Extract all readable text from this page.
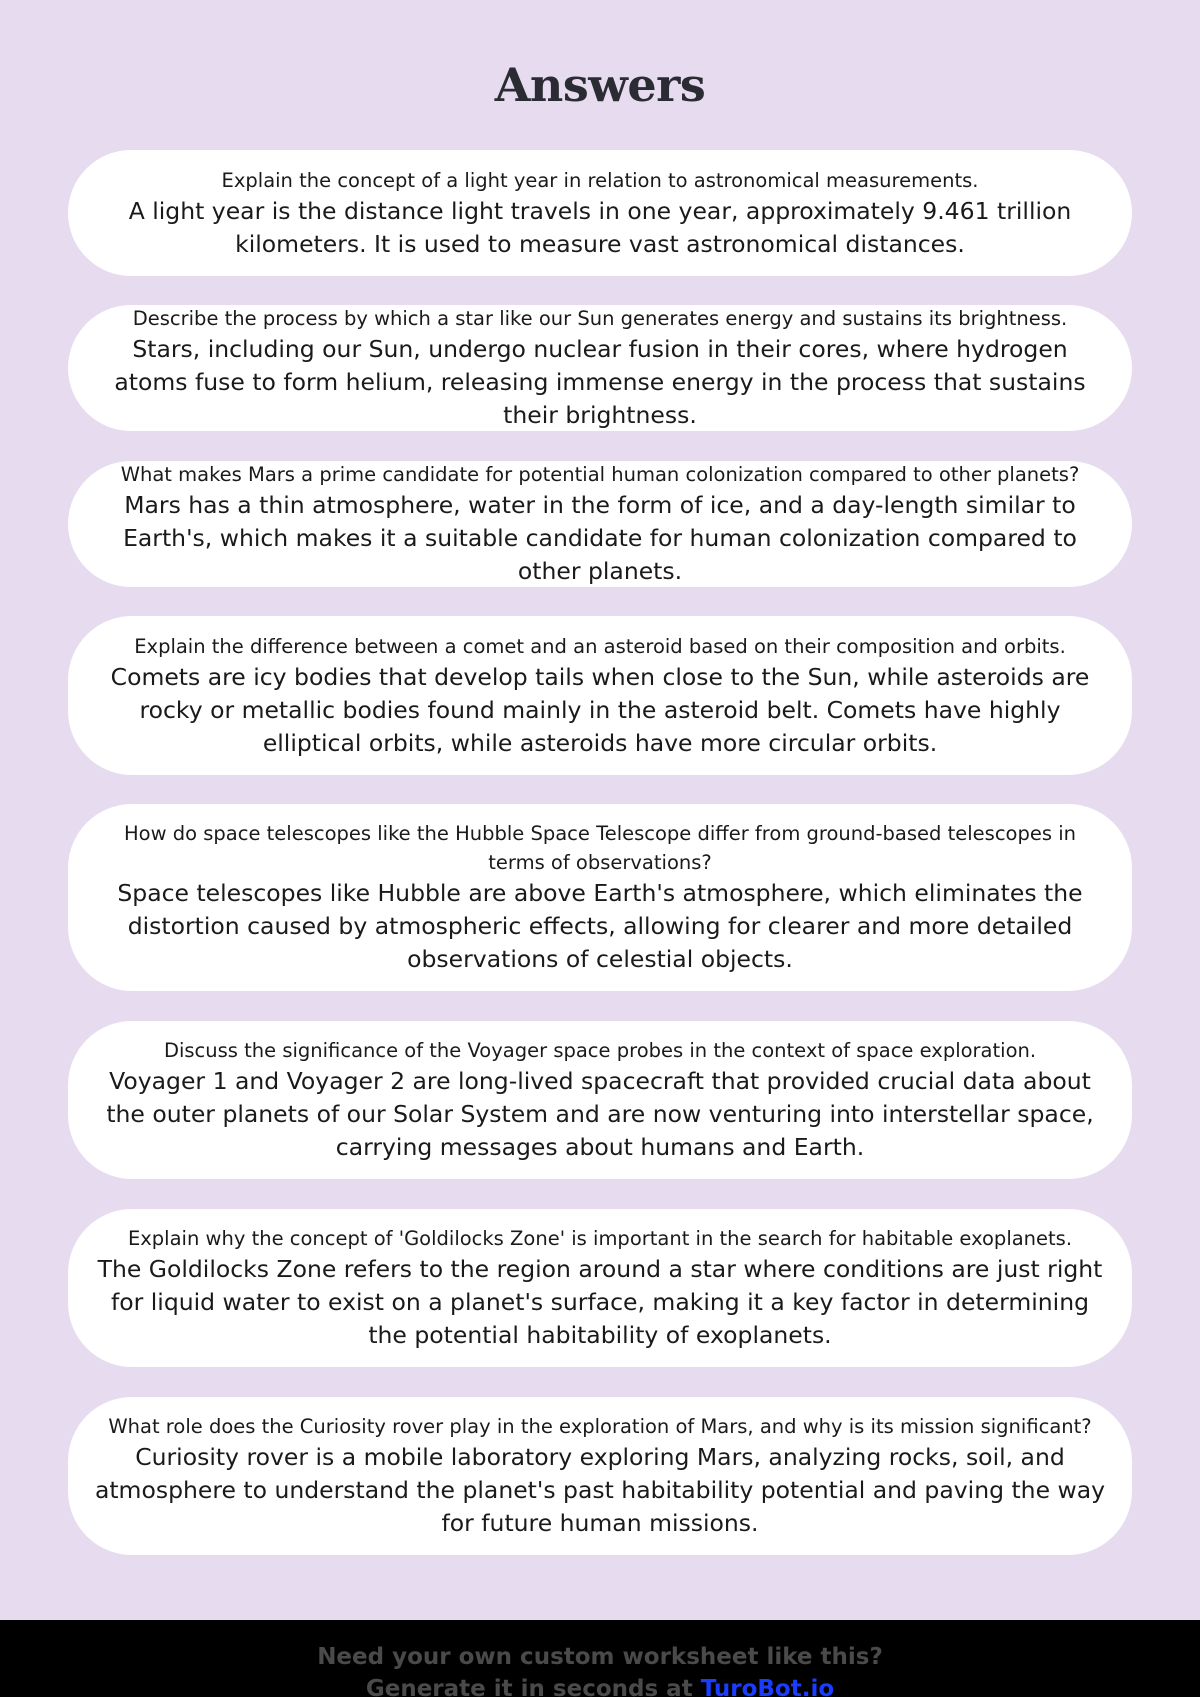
Answers
Explain the concept of a light year in relation to astronomical measurements.
A light year is the distance light travels in one year, approximately 9.461 trillion kilometers. It is used to measure vast astronomical distances.
Describe the process by which a star like our Sun generates energy and sustains its brightness.
Stars, including our Sun, undergo nuclear fusion in their cores, where hydrogen atoms fuse to form helium, releasing immense energy in the process that sustains their brightness.
What makes Mars a prime candidate for potential human colonization compared to other planets?
Mars has a thin atmosphere, water in the form of ice, and a day-length similar to Earth's, which makes it a suitable candidate for human colonization compared to other planets.
Explain the difference between a comet and an asteroid based on their composition and orbits.
Comets are icy bodies that develop tails when close to the Sun, while asteroids are rocky or metallic bodies found mainly in the asteroid belt. Comets have highly elliptical orbits, while asteroids have more circular orbits.
How do space telescopes like the Hubble Space Telescope differ from ground-based telescopes in terms of observations?
Space telescopes like Hubble are above Earth's atmosphere, which eliminates the distortion caused by atmospheric effects, allowing for clearer and more detailed observations of celestial objects.
Discuss the significance of the Voyager space probes in the context of space exploration.
Voyager 1 and Voyager 2 are long-lived spacecraft that provided crucial data about the outer planets of our Solar System and are now venturing into interstellar space, carrying messages about humans and Earth.
Explain why the concept of 'Goldilocks Zone' is important in the search for habitable exoplanets.
The Goldilocks Zone refers to the region around a star where conditions are just right for liquid water to exist on a planet's surface, making it a key factor in determining the potential habitability of exoplanets.
What role does the Curiosity rover play in the exploration of Mars, and why is its mission significant?
Curiosity rover is a mobile laboratory exploring Mars, analyzing rocks, soil, and atmosphere to understand the planet's past habitability potential and paving the way for future human missions.
Need your own custom worksheet like this?
Generate it in seconds at TuroBot.io
